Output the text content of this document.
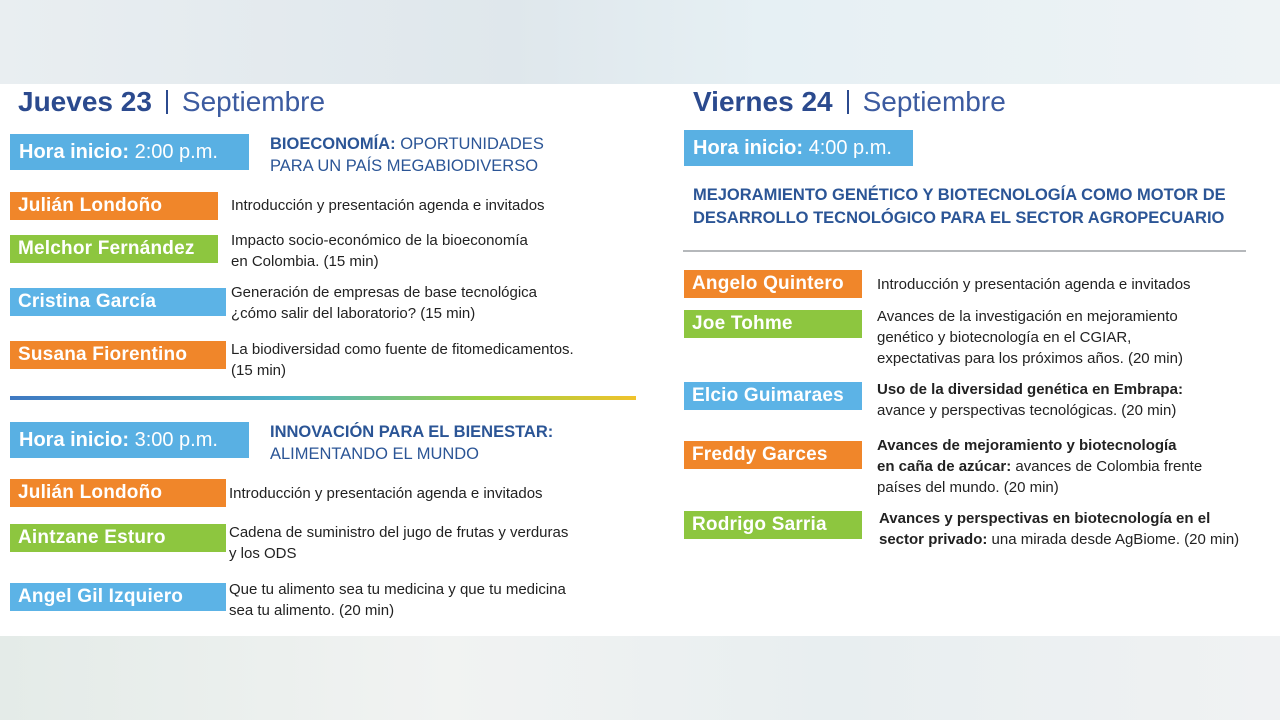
Jueves 23 Septiembre
Hora inicio: 2:00 p.m.	BIOECONOMÍA: OPORTUNIDADES
PARA UN PAÍS MEGABIODIVERSO
Julián Londoño	Introducción y presentación agenda e invitados
Melchor Fernández	Impacto socio-económico de la bioeconomía
en Colombia. (15 min)
Cristina García	Generación de empresas de base tecnológica
¿cómo salir del laboratorio? (15 min)
Susana Fiorentino	La biodiversidad como fuente de fitomedicamentos.
(15 min)
Hora inicio: 3:00 p.m.	INNOVACIÓN PARA EL BIENESTAR:
ALIMENTANDO EL MUNDO
Julián Londoño	Introducción y presentación agenda e invitados
Aintzane Esturo	Cadena de suministro del jugo de frutas y verduras
y los ODS
Angel Gil Izquiero	Que tu alimento sea tu medicina y que tu medicina
sea tu alimento. (20 min)
Viernes 24 Septiembre
Hora inicio: 4:00 p.m.
MEJORAMIENTO GENÉTICO Y BIOTECNOLOGÍA COMO MOTOR DE
DESARROLLO TECNOLÓGICO PARA EL SECTOR AGROPECUARIO
Angelo Quintero	Introducción y presentación agenda e invitados
Joe Tohme	Avances de la investigación en mejoramiento
genético y biotecnología en el CGIAR,
expectativas para los próximos años. (20 min)
Elcio Guimaraes	Uso de la diversidad genética en Embrapa:
avance y perspectivas tecnológicas. (20 min)
Freddy Garces	Avances de mejoramiento y biotecnología
en caña de azúcar: avances de Colombia frente
países del mundo. (20 min)
Rodrigo Sarria	Avances y perspectivas en biotecnología en el
sector privado: una mirada desde AgBiome. (20 min)
